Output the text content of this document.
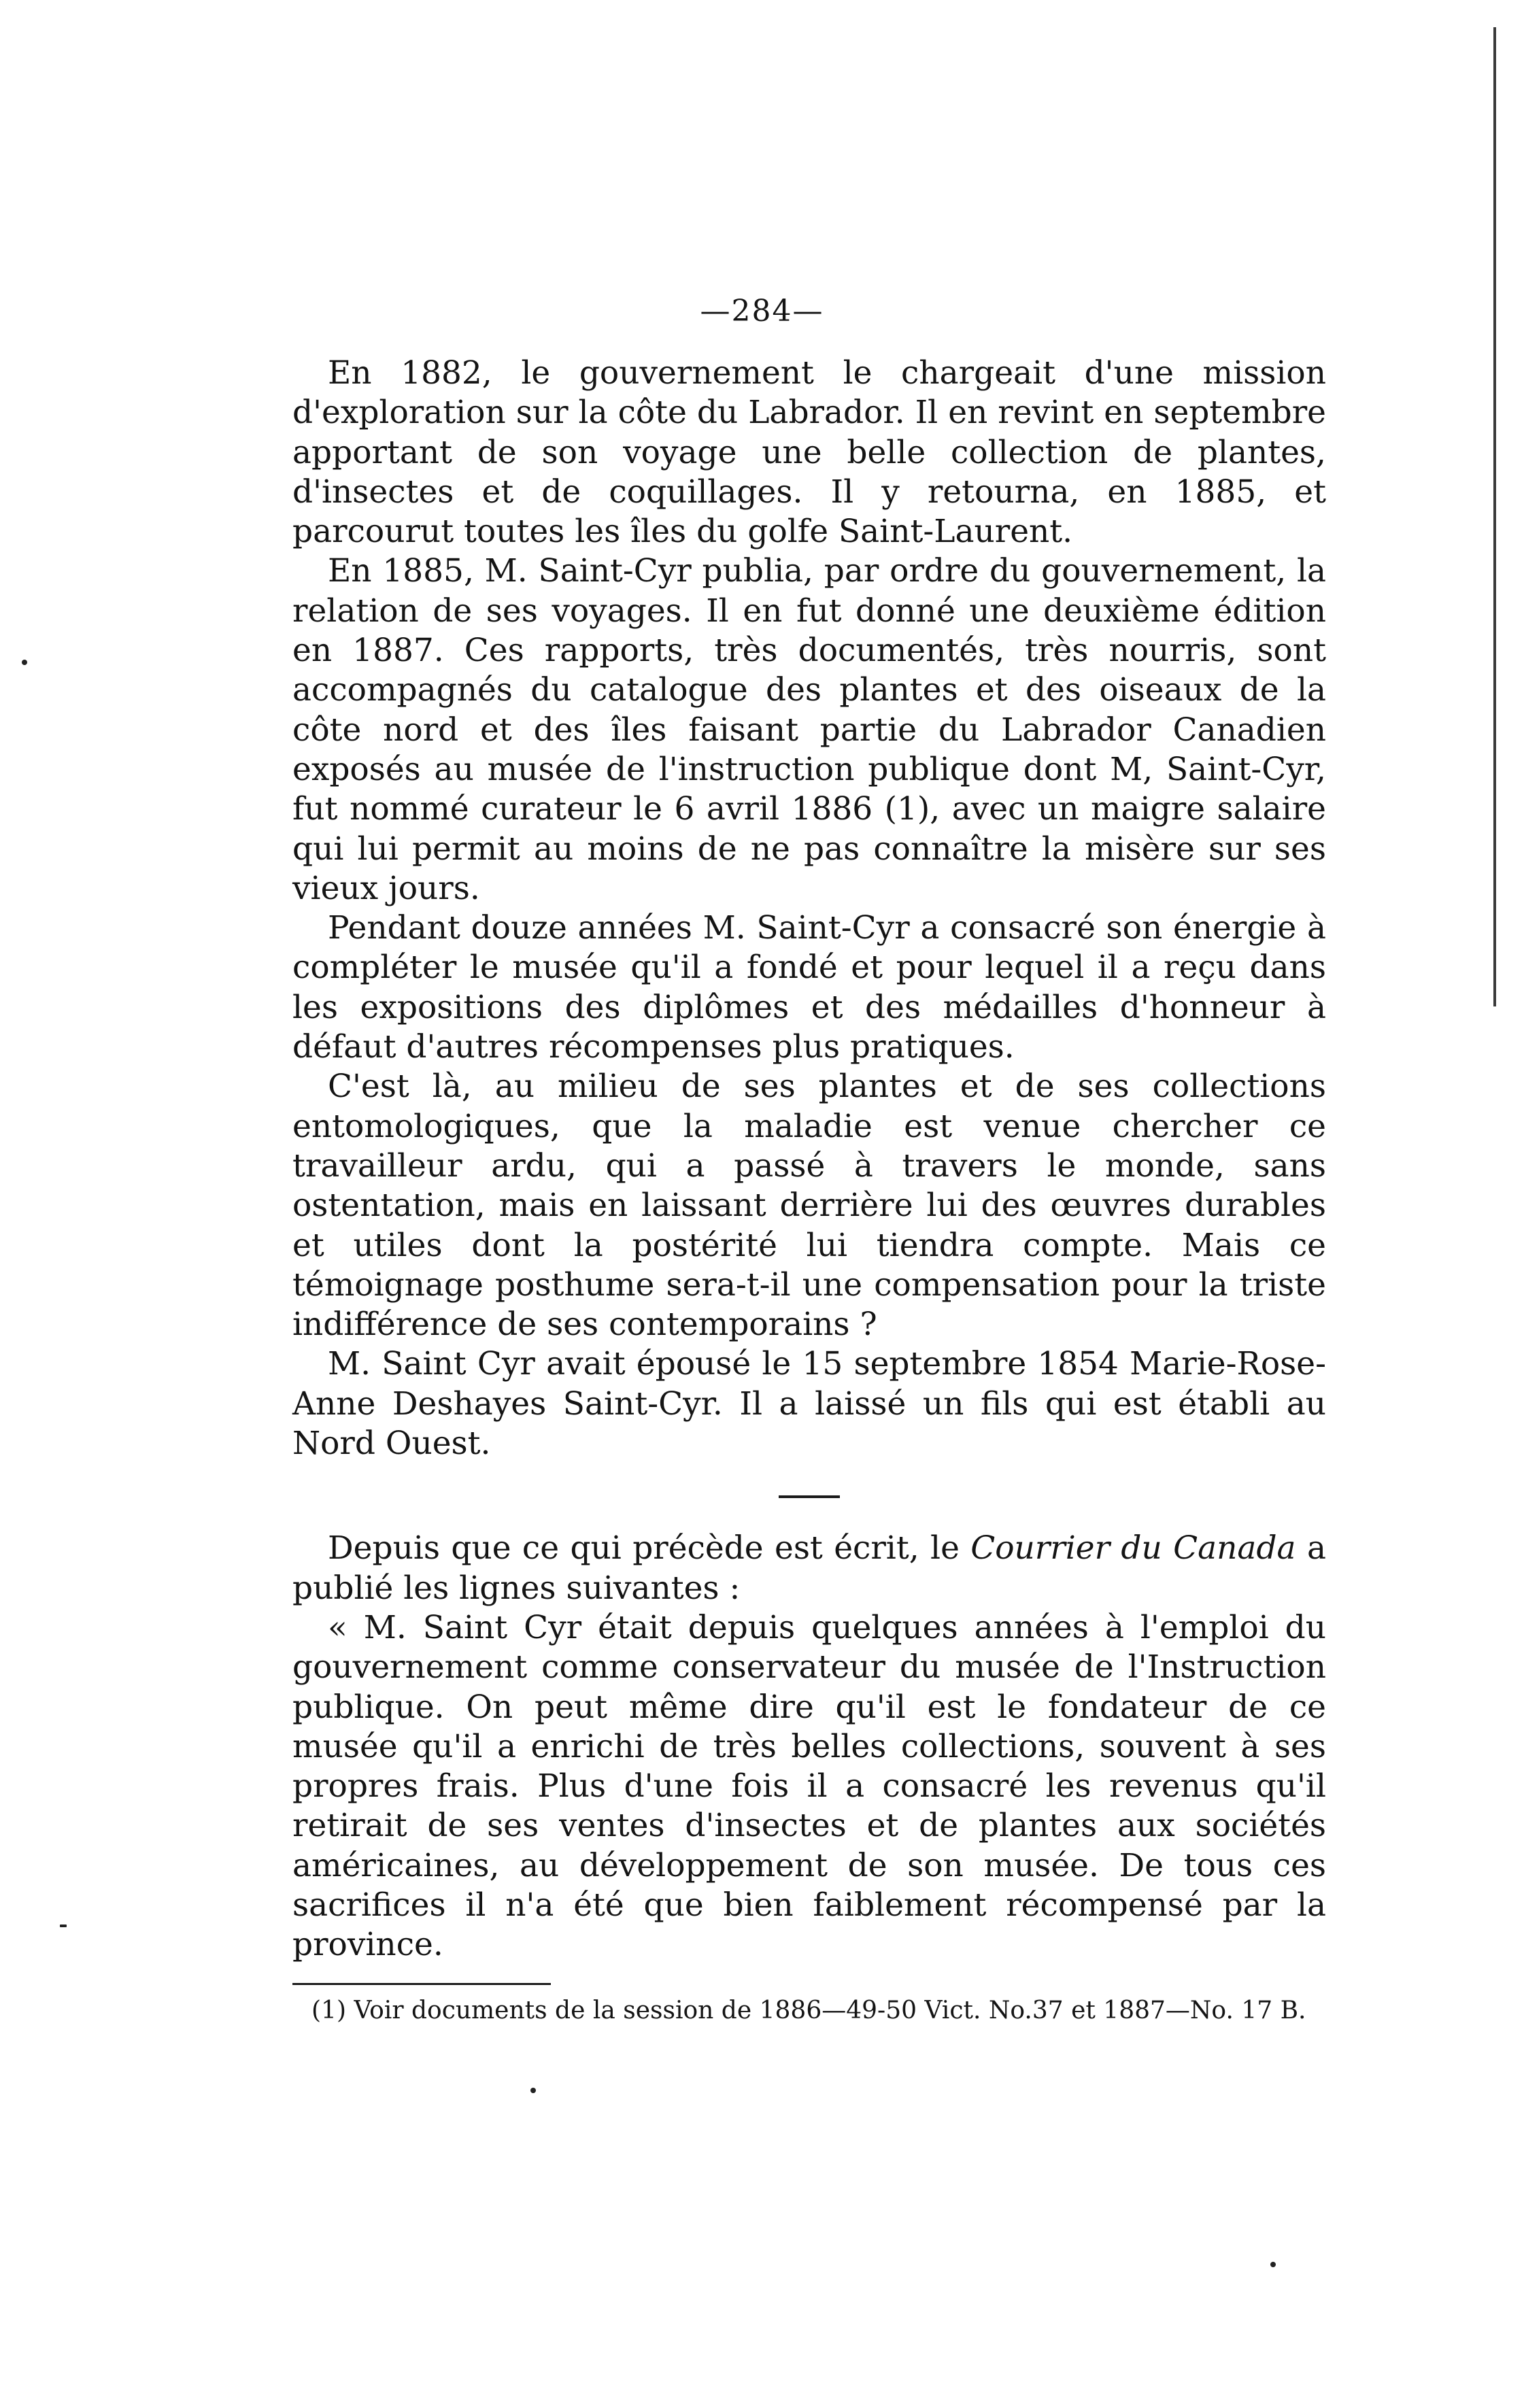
—284—

En 1882, le gouvernement le chargeait d'une mission d'exploration sur la côte du Labrador. Il en revint en septembre apportant de son voyage une belle collection de plantes, d'insectes et de coquillages. Il y retourna, en 1885, et parcourut toutes les îles du golfe Saint-Laurent.

En 1885, M. Saint-Cyr publia, par ordre du gouvernement, la relation de ses voyages. Il en fut donné une deuxième édition en 1887. Ces rapports, très documentés, très nourris, sont accompagnés du catalogue des plantes et des oiseaux de la côte nord et des îles faisant partie du Labrador Canadien exposés au musée de l'instruction publique dont M, Saint-Cyr, fut nommé curateur le 6 avril 1886 (1), avec un maigre salaire qui lui permit au moins de ne pas connaître la misère sur ses vieux jours.

Pendant douze années M. Saint-Cyr a consacré son énergie à compléter le musée qu'il a fondé et pour lequel il a reçu dans les expositions des diplômes et des médailles d'honneur à défaut d'autres récompenses plus pratiques.

C'est là, au milieu de ses plantes et de ses collections entomologiques, que la maladie est venue chercher ce travailleur ardu, qui a passé à travers le monde, sans ostentation, mais en laissant derrière lui des œuvres durables et utiles dont la postérité lui tiendra compte. Mais ce témoignage posthume sera-t-il une compensation pour la triste indifférence de ses contemporains ?

M. Saint Cyr avait épousé le 15 septembre 1854 Marie-Rose-Anne Deshayes Saint-Cyr. Il a laissé un fils qui est établi au Nord Ouest.

Depuis que ce qui précède est écrit, le Courrier du Canada a publié les lignes suivantes :

« M. Saint Cyr était depuis quelques années à l'emploi du gouvernement comme conservateur du musée de l'Instruction publique. On peut même dire qu'il est le fondateur de ce musée qu'il a enrichi de très belles collections, souvent à ses propres frais. Plus d'une fois il a consacré les revenus qu'il retirait de ses ventes d'insectes et de plantes aux sociétés américaines, au développement de son musée. De tous ces sacrifices il n'a été que bien faiblement récompensé par la province.

(1) Voir documents de la session de 1886—49-50 Vict. No.37 et 1887—No. 17 B.
